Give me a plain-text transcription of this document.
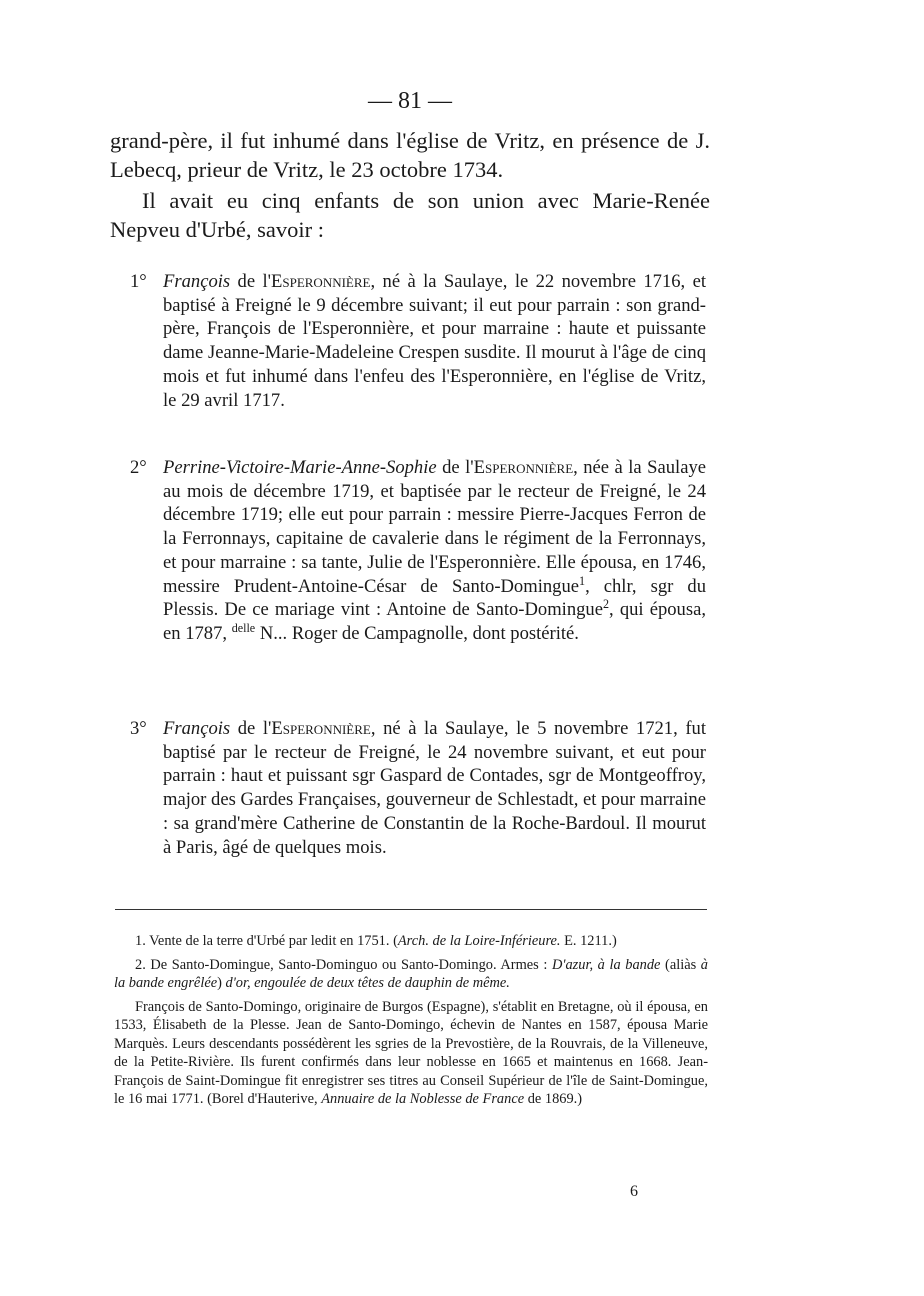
— 81 —

grand-père, il fut inhumé dans l'église de Vritz, en présence de J. Lebecq, prieur de Vritz, le 23 octobre 1734.

Il avait eu cinq enfants de son union avec Marie-Renée Nepveu d'Urbé, savoir :

1° François de l'Esperonnière, né à la Saulaye, le 22 novembre 1716, et baptisé à Freigné le 9 décembre suivant; il eut pour parrain : son grand-père, François de l'Esperonnière, et pour marraine : haute et puissante dame Jeanne-Marie-Madeleine Crespen susdite. Il mourut à l'âge de cinq mois et fut inhumé dans l'enfeu des l'Esperonnière, en l'église de Vritz, le 29 avril 1717.
2° Perrine-Victoire-Marie-Anne-Sophie de l'Esperonnière, née à la Saulaye au mois de décembre 1719, et baptisée par le recteur de Freigné, le 24 décembre 1719; elle eut pour parrain : messire Pierre-Jacques Ferron de la Ferronnays, capitaine de cavalerie dans le régiment de la Ferronnays, et pour marraine : sa tante, Julie de l'Esperonnière. Elle épousa, en 1746, messire Prudent-Antoine-César de Santo-Domingue$^1$, chlr, sgr du Plessis. De ce mariage vint : Antoine de Santo-Domingue$^2$, qui épousa, en 1787, $^{delle}$ N... Roger de Campagnolle, dont postérité.
3° François de l'Esperonnière, né à la Saulaye, le 5 novembre 1721, fut baptisé par le recteur de Freigné, le 24 novembre suivant, et eut pour parrain : haut et puissant sgr Gaspard de Contades, sgr de Montgeoffroy, major des Gardes Françaises, gouverneur de Schlestadt, et pour marraine : sa grand'mère Catherine de Constantin de la Roche-Bardoul. Il mourut à Paris, âgé de quelques mois.

1. Vente de la terre d'Urbé par ledit en 1751. (Arch. de la Loire-Inférieure. E. 1211.)

2. De Santo-Domingue, Santo-Dominguo ou Santo-Domingo. Armes : D'azur, à la bande (aliàs à la bande engrêlée) d'or, engoulée de deux têtes de dauphin de même.

François de Santo-Domingo, originaire de Burgos (Espagne), s'établit en Bretagne, où il épousa, en 1533, Élisabeth de la Plesse. Jean de Santo-Domingo, échevin de Nantes en 1587, épousa Marie Marquès. Leurs descendants possédèrent les sgries de la Prevostière, de la Rouvrais, de la Villeneuve, de la Petite-Rivière. Ils furent confirmés dans leur noblesse en 1665 et maintenus en 1668. Jean-François de Saint-Domingue fit enregistrer ses titres au Conseil Supérieur de l'île de Saint-Domingue, le 16 mai 1771. (Borel d'Hauterive, Annuaire de la Noblesse de France de 1869.)

6
